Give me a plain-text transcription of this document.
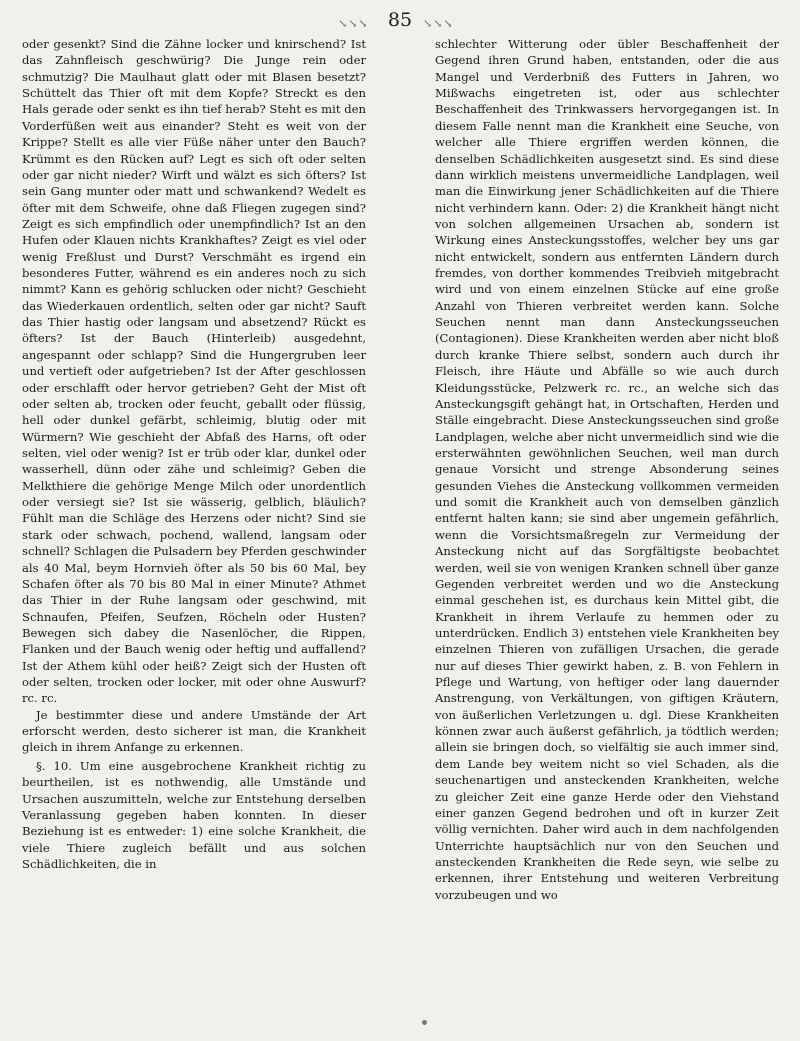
↘↘↘ 85 ↘↘↘

oder gesenkt? Sind die Zähne locker und knirschend? Ist das Zahnfleisch geschwürig? Die Junge rein oder schmutzig? Die Maulhaut glatt oder mit Blasen besetzt? Schüttelt das Thier oft mit dem Kopfe? Streckt es den Hals gerade oder senkt es ihn tief herab? Steht es mit den Vorderfüßen weit aus einander? Steht es weit von der Krippe? Stellt es alle vier Füße näher unter den Bauch? Krümmt es den Rücken auf? Legt es sich oft oder selten oder gar nicht nieder? Wirft und wälzt es sich öfters? Ist sein Gang munter oder matt und schwankend? Wedelt es öfter mit dem Schweife, ohne daß Fliegen zugegen sind? Zeigt es sich empfindlich oder unempfindlich? Ist an den Hufen oder Klauen nichts Krankhaftes? Zeigt es viel oder wenig Freßlust und Durst? Verschmäht es irgend ein besonderes Futter, während es ein anderes noch zu sich nimmt? Kann es gehörig schlucken oder nicht? Geschieht das Wiederkauen ordentlich, selten oder gar nicht? Sauft das Thier hastig oder langsam und absetzend? Rückt es öfters? Ist der Bauch (Hinterleib) ausgedehnt, angespannt oder schlapp? Sind die Hungergruben leer und vertieft oder aufgetrieben? Ist der After geschlossen oder erschlafft oder hervor getrieben? Geht der Mist oft oder selten ab, trocken oder feucht, geballt oder flüssig, hell oder dunkel gefärbt, schleimig, blutig oder mit Würmern? Wie geschieht der Abfaß des Harns, oft oder selten, viel oder wenig? Ist er trüb oder klar, dunkel oder wasserhell, dünn oder zähe und schleimig? Geben die Melkthiere die gehörige Menge Milch oder unordentlich oder versiegt sie? Ist sie wässerig, gelblich, bläulich? Fühlt man die Schläge des Herzens oder nicht? Sind sie stark oder schwach, pochend, wallend, langsam oder schnell? Schlagen die Pulsadern bey Pferden geschwinder als 40 Mal, beym Hornvieh öfter als 50 bis 60 Mal, bey Schafen öfter als 70 bis 80 Mal in einer Minute? Athmet das Thier in der Ruhe langsam oder geschwind, mit Schnaufen, Pfeifen, Seufzen, Röcheln oder Husten? Bewegen sich dabey die Nasenlöcher, die Rippen, Flanken und der Bauch wenig oder heftig und auffallend? Ist der Athem kühl oder heiß? Zeigt sich der Husten oft oder selten, trocken oder locker, mit oder ohne Auswurf? rc. rc.

Je bestimmter diese und andere Umstände der Art erforscht werden, desto sicherer ist man, die Krankheit gleich in ihrem Anfange zu erkennen.

§. 10. Um eine ausgebrochene Krankheit richtig zu beurtheilen, ist es nothwendig, alle Umstände und Ursachen auszumitteln, welche zur Entstehung derselben Veranlassung gegeben haben konnten. In dieser Beziehung ist es entweder: 1) eine solche Krankheit, die viele Thiere zugleich befällt und aus solchen Schädlichkeiten, die in

schlechter Witterung oder übler Beschaffenheit der Gegend ihren Grund haben, entstanden, oder die aus Mangel und Verderbniß des Futters in Jahren, wo Mißwachs eingetreten ist, oder aus schlechter Beschaffenheit des Trinkwassers hervorgegangen ist. In diesem Falle nennt man die Krankheit eine Seuche, von welcher alle Thiere ergriffen werden können, die denselben Schädlichkeiten ausgesetzt sind. Es sind diese dann wirklich meistens unvermeidliche Landplagen, weil man die Einwirkung jener Schädlichkeiten auf die Thiere nicht verhindern kann. Oder: 2) die Krankheit hängt nicht von solchen allgemeinen Ursachen ab, sondern ist Wirkung eines Ansteckungsstoffes, welcher bey uns gar nicht entwickelt, sondern aus entfernten Ländern durch fremdes, von dorther kommendes Treibvieh mitgebracht wird und von einem einzelnen Stücke auf eine große Anzahl von Thieren verbreitet werden kann. Solche Seuchen nennt man dann Ansteckungsseuchen (Contagionen). Diese Krankheiten werden aber nicht bloß durch kranke Thiere selbst, sondern auch durch ihr Fleisch, ihre Häute und Abfälle so wie auch durch Kleidungsstücke, Pelzwerk rc. rc., an welche sich das Ansteckungsgift gehängt hat, in Ortschaften, Herden und Ställe eingebracht. Diese Ansteckungsseuchen sind große Landplagen, welche aber nicht unvermeidlich sind wie die ersterwähnten gewöhnlichen Seuchen, weil man durch genaue Vorsicht und strenge Absonderung seines gesunden Viehes die Ansteckung vollkommen vermeiden und somit die Krankheit auch von demselben gänzlich entfernt halten kann; sie sind aber ungemein gefährlich, wenn die Vorsichtsmaßregeln zur Vermeidung der Ansteckung nicht auf das Sorgfältigste beobachtet werden, weil sie von wenigen Kranken schnell über ganze Gegenden verbreitet werden und wo die Ansteckung einmal geschehen ist, es durchaus kein Mittel gibt, die Krankheit in ihrem Verlaufe zu hemmen oder zu unterdrücken. Endlich 3) entstehen viele Krankheiten bey einzelnen Thieren von zufälligen Ursachen, die gerade nur auf dieses Thier gewirkt haben, z. B. von Fehlern in Pflege und Wartung, von heftiger oder lang dauernder Anstrengung, von Verkältungen, von giftigen Kräutern, von äußerlichen Verletzungen u. dgl. Diese Krankheiten können zwar auch äußerst gefährlich, ja tödtlich werden; allein sie bringen doch, so vielfältig sie auch immer sind, dem Lande bey weitem nicht so viel Schaden, als die seuchenartigen und ansteckenden Krankheiten, welche zu gleicher Zeit eine ganze Herde oder den Viehstand einer ganzen Gegend bedrohen und oft in kurzer Zeit völlig vernichten. Daher wird auch in dem nachfolgenden Unterrichte hauptsächlich nur von den Seuchen und ansteckenden Krankheiten die Rede seyn, wie selbe zu erkennen, ihrer Entstehung und weiteren Verbreitung vorzubeugen und wo
